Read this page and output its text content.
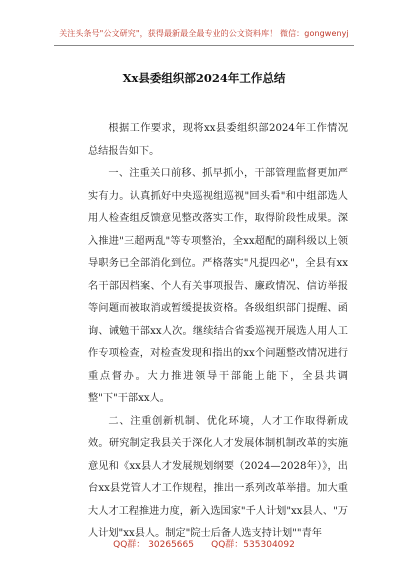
关注头条号"公文研究"，获得最新最全最专业的公文资料库！ 微信：gongwenyj
Xx县委组织部2024年工作总结

根据工作要求，现将xx县委组织部2024年工作情况总结报告如下。

一、注重关口前移、抓早抓小，干部管理监督更加严实有力。认真抓好中央巡视组巡视"回头看"和中组部选人用人检查组反馈意见整改落实工作，取得阶段性成果。深入推进"三超两乱"等专项整治，全xx超配的副科级以上领导职务已全部消化到位。严格落实"凡提四必"，全县有xx名干部因档案、个人有关事项报告、廉政情况、信访举报等问题而被取消或暂缓提拔资格。各级组织部门提醒、函询、诫勉干部xx人次。继续结合省委巡视开展选人用人工作专项检查，对检查发现和指出的xx个问题整改情况进行重点督办。大力推进领导干部能上能下，全县共调整"下"干部xx人。

二、注重创新机制、优化环境，人才工作取得新成效。研究制定我县关于深化人才发展体制机制改革的实施意见和《xx县人才发展规划纲要（2024—2028年）》，出台xx县党管人才工作规程，推出一系列改革举措。加大重大人才工程推进力度，新入选国家"千人计划"xx县人、"万人计划"xx县人。制定"院士后备人选支持计划""青年

QQ群： 30265665      QQ群：535304092
